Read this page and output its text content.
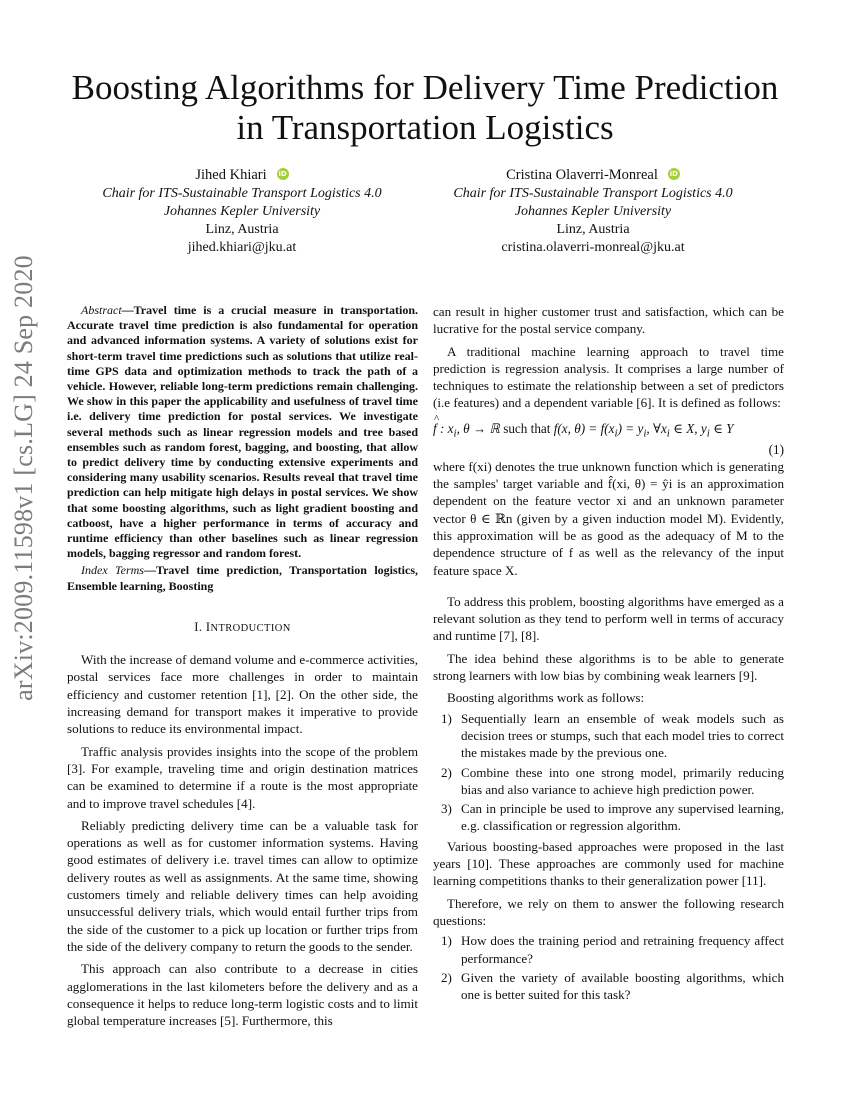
arXiv:2009.11598v1 [cs.LG] 24 Sep 2020
Boosting Algorithms for Delivery Time Prediction
in Transportation Logistics
Jihed Khiari iD
Chair for ITS-Sustainable Transport Logistics 4.0
Johannes Kepler University
Linz, Austria
jihed.khiari@jku.at
Cristina Olaverri-Monreal iD
Chair for ITS-Sustainable Transport Logistics 4.0
Johannes Kepler University
Linz, Austria
cristina.olaverri-monreal@jku.at

Abstract—Travel time is a crucial measure in transportation. Accurate travel time prediction is also fundamental for operation and advanced information systems. A variety of solutions exist for short-term travel time predictions such as solutions that utilize real-time GPS data and optimization methods to track the path of a vehicle. However, reliable long-term predictions remain challenging. We show in this paper the applicability and usefulness of travel time i.e. delivery time prediction for postal services. We investigate several methods such as linear regression models and tree based ensembles such as random forest, bagging, and boosting, that allow to predict delivery time by conducting extensive experiments and considering many usability scenarios. Results reveal that travel time prediction can help mitigate high delays in postal services. We show that some boosting algorithms, such as light gradient boosting and catboost, have a higher performance in terms of accuracy and runtime efficiency than other baselines such as linear regression models, bagging regressor and random forest.

Index Terms—Travel time prediction, Transportation logistics, Ensemble learning, Boosting

I. INTRODUCTION

With the increase of demand volume and e-commerce activities, postal services face more challenges in order to maintain efficiency and customer retention [1], [2]. On the other side, the increasing demand for transport makes it imperative to provide solutions to reduce its environmental impact.

Traffic analysis provides insights into the scope of the problem [3]. For example, traveling time and origin destination matrices can be examined to determine if a route is the most appropriate and to improve travel schedules [4].

Reliably predicting delivery time can be a valuable task for operations as well as for customer information systems. Having good estimates of delivery i.e. travel times can allow to optimize delivery routes as well as assignments. At the same time, showing customers timely and reliable delivery times can help avoiding unsuccessful delivery trials, which would entail further trips from the side of the customer to a pick up location or further trips from the side of the delivery company to return the goods to the sender.

This approach can also contribute to a decrease in cities agglomerations in the last kilometers before the delivery and as a consequence it helps to reduce long-term logistic costs and to limit global temperature increases [5]. Furthermore, this

can result in higher customer trust and satisfaction, which can be lucrative for the postal service company.

A traditional machine learning approach to travel time prediction is regression analysis. It comprises a large number of techniques to estimate the relationship between a set of predictors (i.e features) and a dependent variable [6]. It is defined as follows:

^ f : $x_i$, θ → ℝ such that f(x, $\theta) = f(x_i) = y_i$, $\forall x_i$ ∈ X, $y_i$ ∈ Y
(1)

where f(xi) denotes the true unknown function which is generating the samples' target variable and f̂(xi, θ) = ŷi is an approximation dependent on the feature vector xi and an unknown parameter vector θ ∈ ℝn (given by a given induction model M). Evidently, this approximation will be as good as the adequacy of M to the dependence structure of f as well as the relevancy of the input feature space X.

To address this problem, boosting algorithms have emerged as a relevant solution as they tend to perform well in terms of accuracy and runtime [7], [8].

The idea behind these algorithms is to be able to generate strong learners with low bias by combining weak learners [9].

Boosting algorithms work as follows:

1) Sequentially learn an ensemble of weak models such as decision trees or stumps, such that each model tries to correct the mistakes made by the previous one.
2) Combine these into one strong model, primarily reducing bias and also variance to achieve high prediction power.
3) Can in principle be used to improve any supervised learning, e.g. classification or regression algorithm.

Various boosting-based approaches were proposed in the last years [10]. These approaches are commonly used for machine learning competitions thanks to their generalization power [11].

Therefore, we rely on them to answer the following research questions:

1) How does the training period and retraining frequency affect performance?
2) Given the variety of available boosting algorithms, which one is better suited for this task?
